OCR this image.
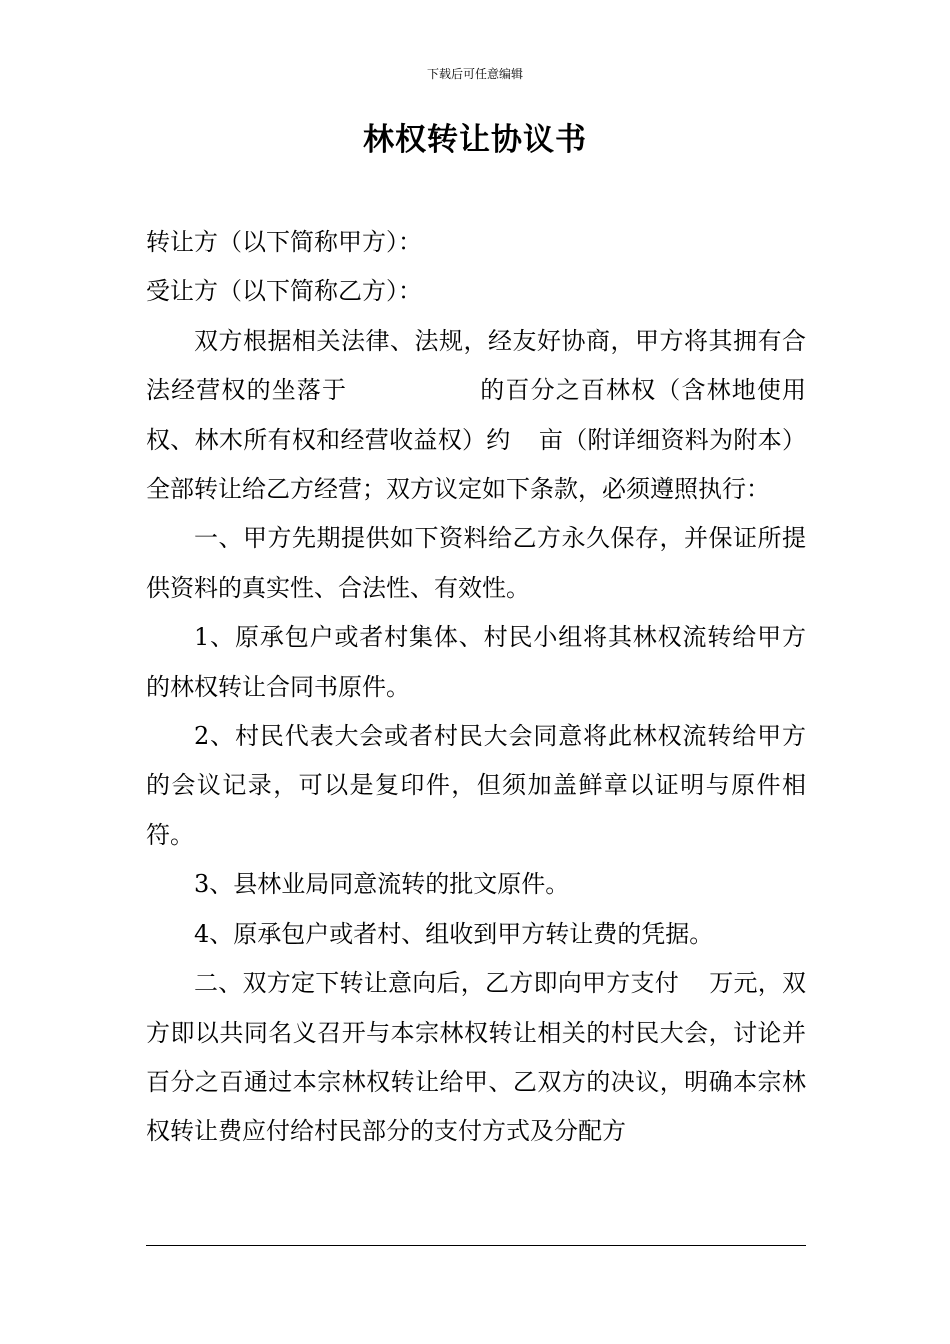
下载后可任意编辑
林权转让协议书

转让方（以下简称甲方）：

受让方（以下简称乙方）：

双方根据相关法律、法规，经友好协商，甲方将其拥有合法经营权的坐落于	的百分之百林权（含林地使用权、林木所有权和经营收益权）约 亩（附详细资料为附本）全部转让给乙方经营；双方议定如下条款，必须遵照执行：

一、甲方先期提供如下资料给乙方永久保存，并保证所提供资料的真实性、合法性、有效性。

1、原承包户或者村集体、村民小组将其林权流转给甲方的林权转让合同书原件。

2、村民代表大会或者村民大会同意将此林权流转给甲方的会议记录，可以是复印件，但须加盖鲜章以证明与原件相符。

3、县林业局同意流转的批文原件。

4、原承包户或者村、组收到甲方转让费的凭据。

二、双方定下转让意向后，乙方即向甲方支付 万元，双方即以共同名义召开与本宗林权转让相关的村民大会，讨论并百分之百通过本宗林权转让给甲、乙双方的决议，明确本宗林权转让费应付给村民部分的支付方式及分配方
